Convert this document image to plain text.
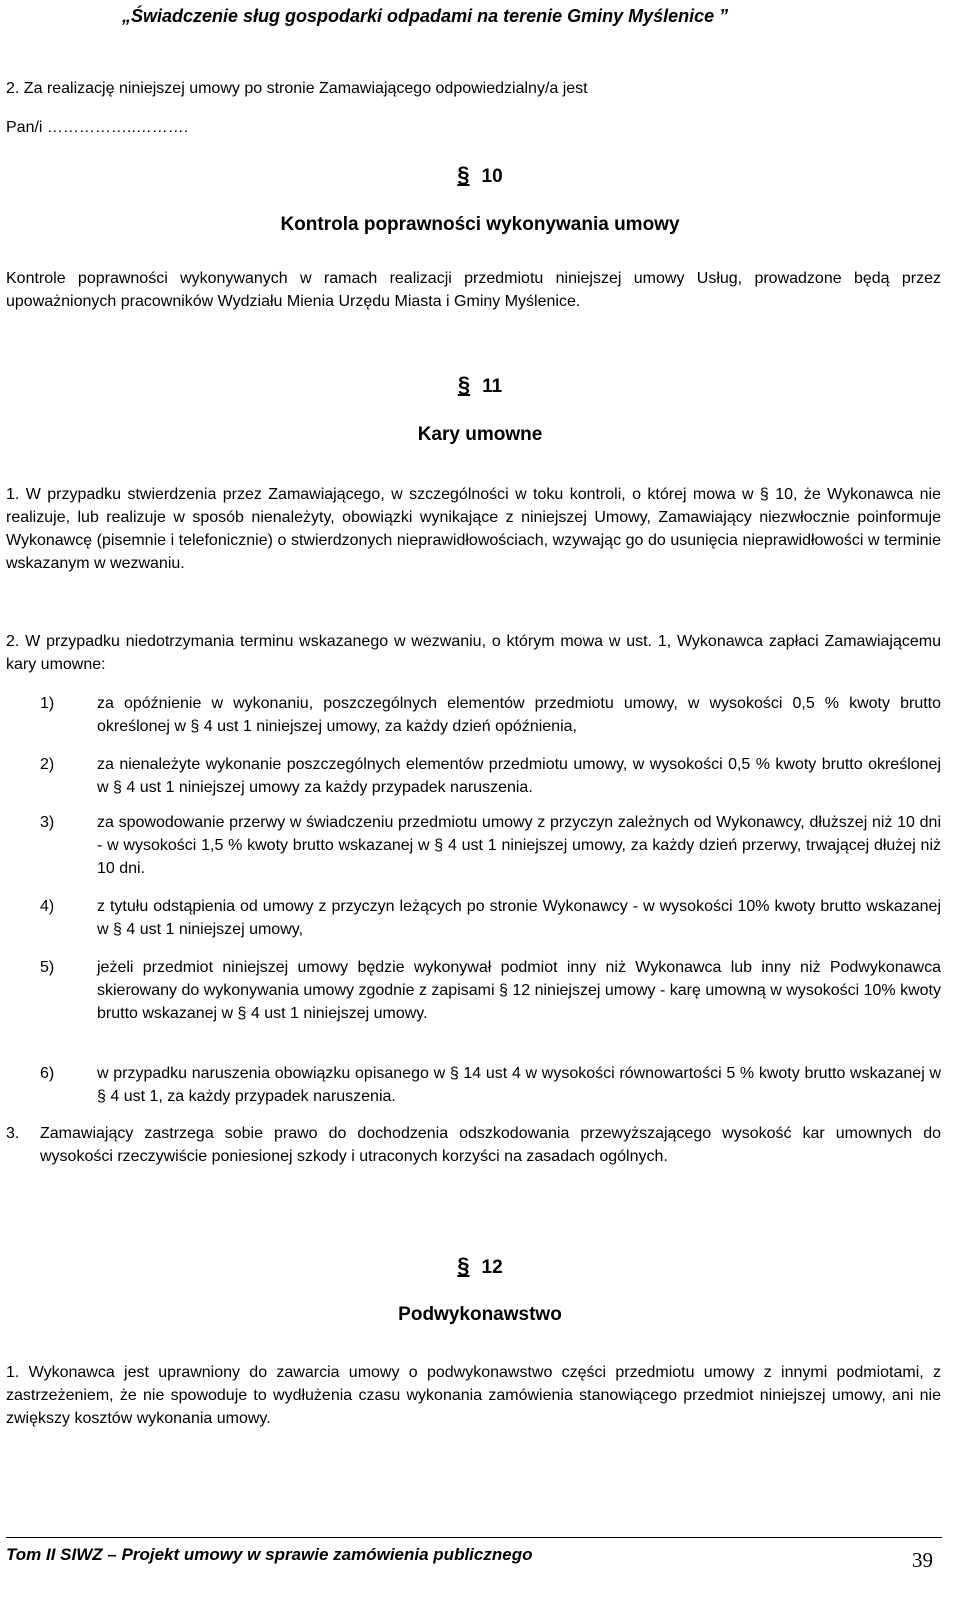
„Świadczenie sług gospodarki odpadami na terenie Gminy Myślenice ”
2. Za realizację niniejszej umowy po stronie Zamawiającego odpowiedzialny/a jest
Pan/i ……………..……….
§ 10
Kontrola poprawności wykonywania umowy
Kontrole poprawności wykonywanych w ramach realizacji przedmiotu niniejszej umowy Usług, prowadzone będą przez upoważnionych pracowników Wydziału Mienia Urzędu Miasta i Gminy Myślenice.
§ 11
Kary umowne
1. W przypadku stwierdzenia przez Zamawiającego, w szczególności w toku kontroli, o której mowa w § 10, że Wykonawca nie realizuje, lub realizuje w sposób nienależyty, obowiązki wynikające z niniejszej Umowy, Zamawiający niezwłocznie poinformuje Wykonawcę (pisemnie i telefonicznie) o stwierdzonych nieprawidłowościach, wzywając go do usunięcia nieprawidłowości w terminie wskazanym w wezwaniu.
2. W przypadku niedotrzymania terminu wskazanego w wezwaniu, o którym mowa w ust. 1, Wykonawca zapłaci Zamawiającemu kary umowne:
1)	za opóźnienie w wykonaniu, poszczególnych elementów przedmiotu umowy, w wysokości 0,5 % kwoty brutto określonej w § 4 ust 1 niniejszej umowy, za każdy dzień opóźnienia,
2)	za nienależyte wykonanie poszczególnych elementów przedmiotu umowy, w wysokości 0,5 % kwoty brutto określonej w § 4 ust 1 niniejszej umowy za każdy przypadek naruszenia.
3)	za spowodowanie przerwy w świadczeniu przedmiotu umowy z przyczyn zależnych od Wykonawcy, dłuższej niż 10 dni - w wysokości 1,5 % kwoty brutto wskazanej w § 4 ust 1 niniejszej umowy, za każdy dzień przerwy, trwającej dłużej niż 10 dni.
4)	z tytułu odstąpienia od umowy z przyczyn leżących po stronie Wykonawcy - w wysokości 10% kwoty brutto wskazanej w § 4 ust 1 niniejszej umowy,
5)	jeżeli przedmiot niniejszej umowy będzie wykonywał podmiot inny niż Wykonawca lub inny niż Podwykonawca skierowany do wykonywania umowy zgodnie z zapisami § 12 niniejszej umowy - karę umowną w wysokości 10% kwoty brutto wskazanej w § 4 ust 1 niniejszej umowy.
6)	w przypadku naruszenia obowiązku opisanego w § 14 ust 4 w wysokości równowartości 5 % kwoty brutto wskazanej w § 4 ust 1, za każdy przypadek naruszenia.
3.	Zamawiający zastrzega sobie prawo do dochodzenia odszkodowania przewyższającego wysokość kar umownych do wysokości rzeczywiście poniesionej szkody i utraconych korzyści na zasadach ogólnych.
§ 12
Podwykonawstwo
1. Wykonawca jest uprawniony do zawarcia umowy o podwykonawstwo części przedmiotu umowy z innymi podmiotami, z zastrzeżeniem, że nie spowoduje to wydłużenia czasu wykonania zamówienia stanowiącego przedmiot niniejszej umowy, ani nie zwiększy kosztów wykonania umowy.
Tom II SIWZ – Projekt umowy w sprawie zamówienia publicznego	39
